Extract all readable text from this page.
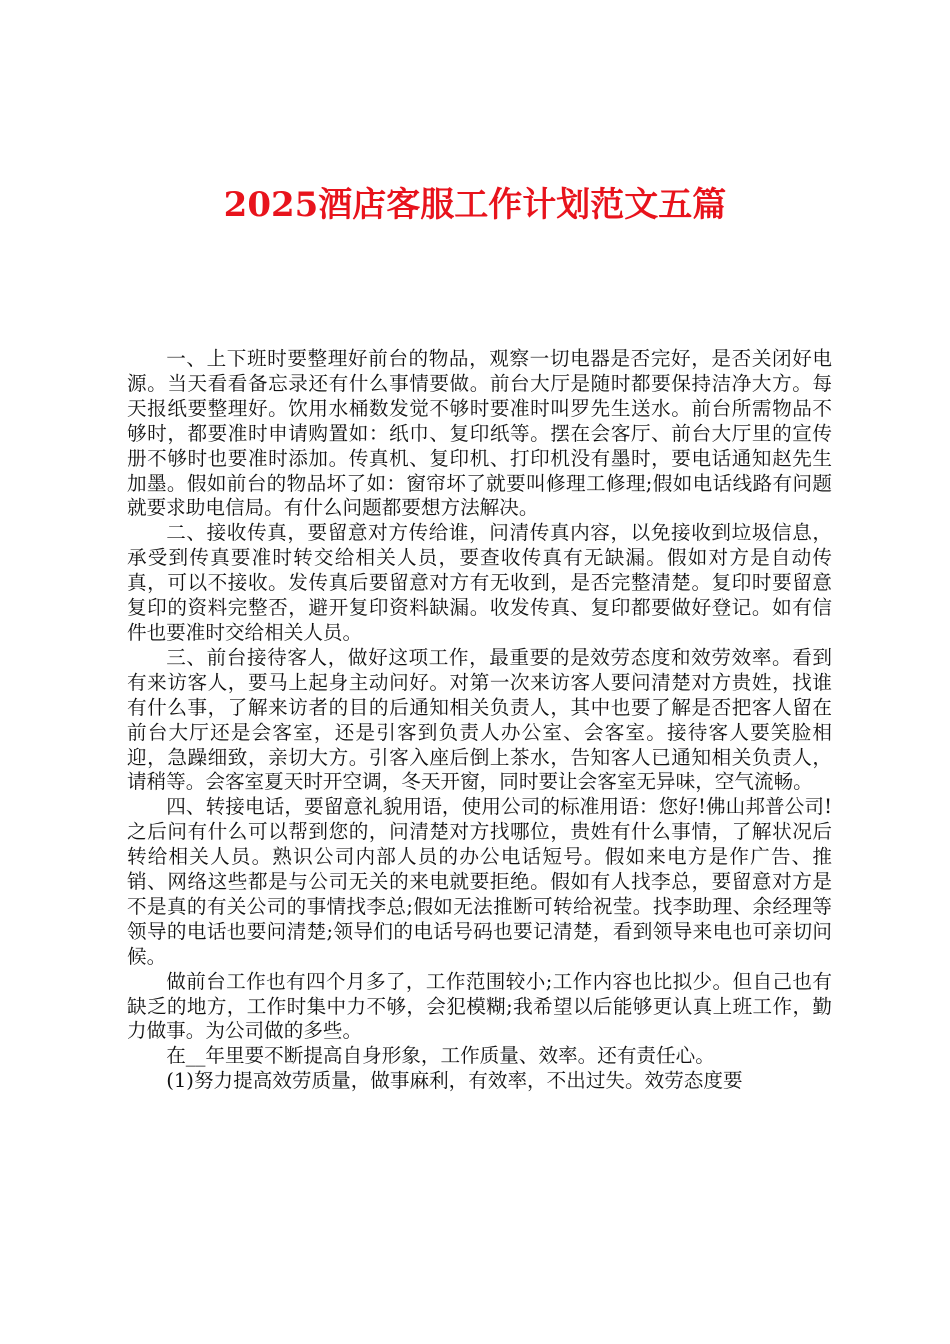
2025酒店客服工作计划范文五篇

一、上下班时要整理好前台的物品，观察一切电器是否完好，是否关闭好电源。当天看看备忘录还有什么事情要做。前台大厅是随时都要保持洁净大方。每天报纸要整理好。饮用水桶数发觉不够时要准时叫罗先生送水。前台所需物品不够时，都要准时申请购置如：纸巾、复印纸等。摆在会客厅、前台大厅里的宣传册不够时也要准时添加。传真机、复印机、打印机没有墨时，要电话通知赵先生加墨。假如前台的物品坏了如：窗帘坏了就要叫修理工修理;假如电话线路有问题就要求助电信局。有什么问题都要想方法解决。

二、接收传真，要留意对方传给谁，问清传真内容，以免接收到垃圾信息，承受到传真要准时转交给相关人员，要查收传真有无缺漏。假如对方是自动传真，可以不接收。发传真后要留意对方有无收到，是否完整清楚。复印时要留意复印的资料完整否，避开复印资料缺漏。收发传真、复印都要做好登记。如有信件也要准时交给相关人员。

三、前台接待客人，做好这项工作，最重要的是效劳态度和效劳效率。看到有来访客人，要马上起身主动问好。对第一次来访客人要问清楚对方贵姓，找谁有什么事，了解来访者的目的后通知相关负责人，其中也要了解是否把客人留在前台大厅还是会客室，还是引客到负责人办公室、会客室。接待客人要笑脸相迎，急躁细致，亲切大方。引客入座后倒上茶水，告知客人已通知相关负责人，请稍等。会客室夏天时开空调，冬天开窗，同时要让会客室无异味，空气流畅。

四、转接电话，要留意礼貌用语，使用公司的标准用语：您好!佛山邦普公司!之后问有什么可以帮到您的，问清楚对方找哪位，贵姓有什么事情，了解状况后转给相关人员。熟识公司内部人员的办公电话短号。假如来电方是作广告、推销、网络这些都是与公司无关的来电就要拒绝。假如有人找李总，要留意对方是不是真的有关公司的事情找李总;假如无法推断可转给祝莹。找李助理、余经理等领导的电话也要问清楚;领导们的电话号码也要记清楚，看到领导来电也可亲切问候。

做前台工作也有四个月多了，工作范围较小;工作内容也比拟少。但自己也有缺乏的地方，工作时集中力不够，会犯模糊;我希望以后能够更认真上班工作，勤力做事。为公司做的多些。

在__年里要不断提高自身形象，工作质量、效率。还有责任心。

(1)努力提高效劳质量，做事麻利，有效率，不出过失。效劳态度要
